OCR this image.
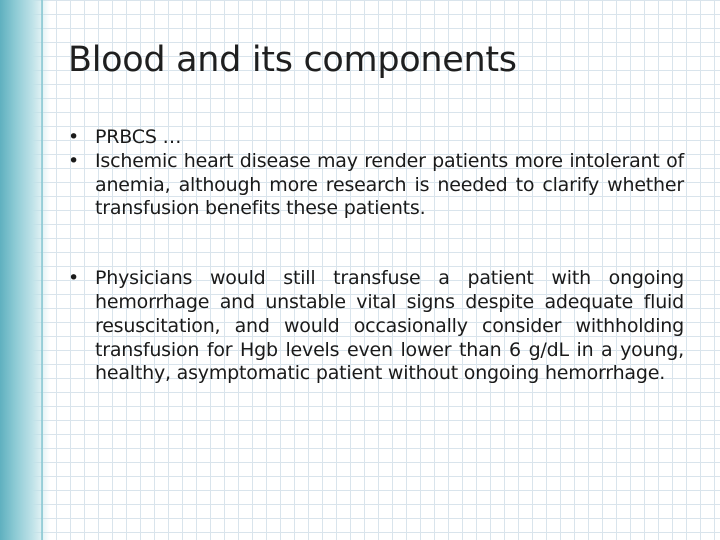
Blood and its components
• PRBCS …
• Ischemic heart disease may render patients more intolerant of anemia, although more research is needed to clarify whether transfusion benefits these patients.
• Physicians would still transfuse a patient with ongoing hemorrhage and unstable vital signs despite adequate fluid resuscitation, and would occasionally consider withholding transfusion for Hgb levels even lower than 6 g/dL in a young, healthy, asymptomatic patient without ongoing hemorrhage.
